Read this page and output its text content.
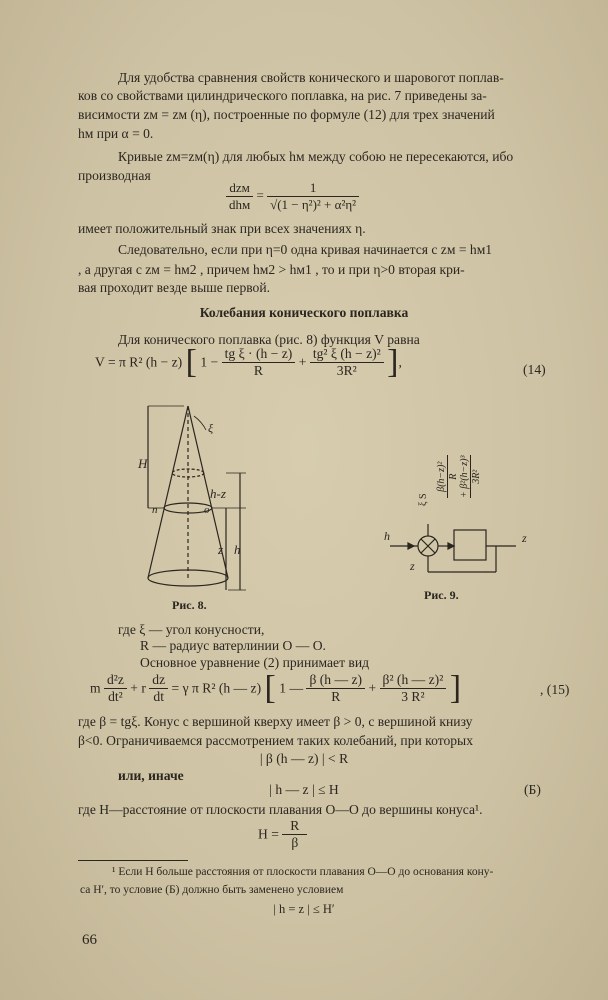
Для удобства сравнения свойств конического и шаровогот поплав-
ков со свойствами цилиндрического поплавка, на рис. 7 приведены за-
висимости zм = zм (η), построенные по формуле (12) для трех значений
hм при α = 0.
Кривые zм=zм(η) для любых hм между собою не пересекаются, ибо
производная
$\frac{\text{dzм}}{\text{dhм}} = \frac{1}{\text{√(1 − η²)² + α²η²}}$
имеет положительный знак при всех значениях η.
Следовательно, если при η=0 одна кривая начинается с zм = hм1
, а другая с zм = hм2 , причем hм2 > hм1 , то и при η>0 вторая кри-
вая проходит везде выше первой.
Колебания конического поплавка
Для конического поплавка (рис. 8) функция V равна
V = π R² (h − z) [ $1 - \frac{\text{tg ξ · (h − z)}}{R} + \frac{\text{tg² ξ (h − z)²}}{\text{3R²}}$ ],	(14)
ξ
H
h-z
n	o
z h
Рис. 8.
h
z
z
ξ S
β(h−z)² R + β²(h−z)³ 3R²
Рис. 9.
где ξ — угол конусности,
R — радиус ватерлинии O — O.
Основное уравнение (2) принимает вид
m $\frac{\text{d²z}}{\text{dt²}} + r \frac{dz}{dt} = \gamma$ π R² (h — z) [ 1 — $\frac{\beta (h — z)}{R} + \frac{\text{β² (h — z)²}}{\text{3 R²}}$ ]	, (15)
где β = tgξ. Конус с вершиной кверху имеет β > 0, с вершиной книзу
β<0. Ограничиваемся рассмотрением таких колебаний, при которых
| β (h — z) | < R
или, иначе
| h — z | ≤ H	(Б)
где H—расстояние от плоскости плавания O—O до вершины конуса¹.
$H = \frac{R}{\beta}$
¹ Если H больше расстояния от плоскости плавания O—O до основания кону-
са H′, то условие (Б) должно быть заменено условием
| h = z | ≤ H′
66
